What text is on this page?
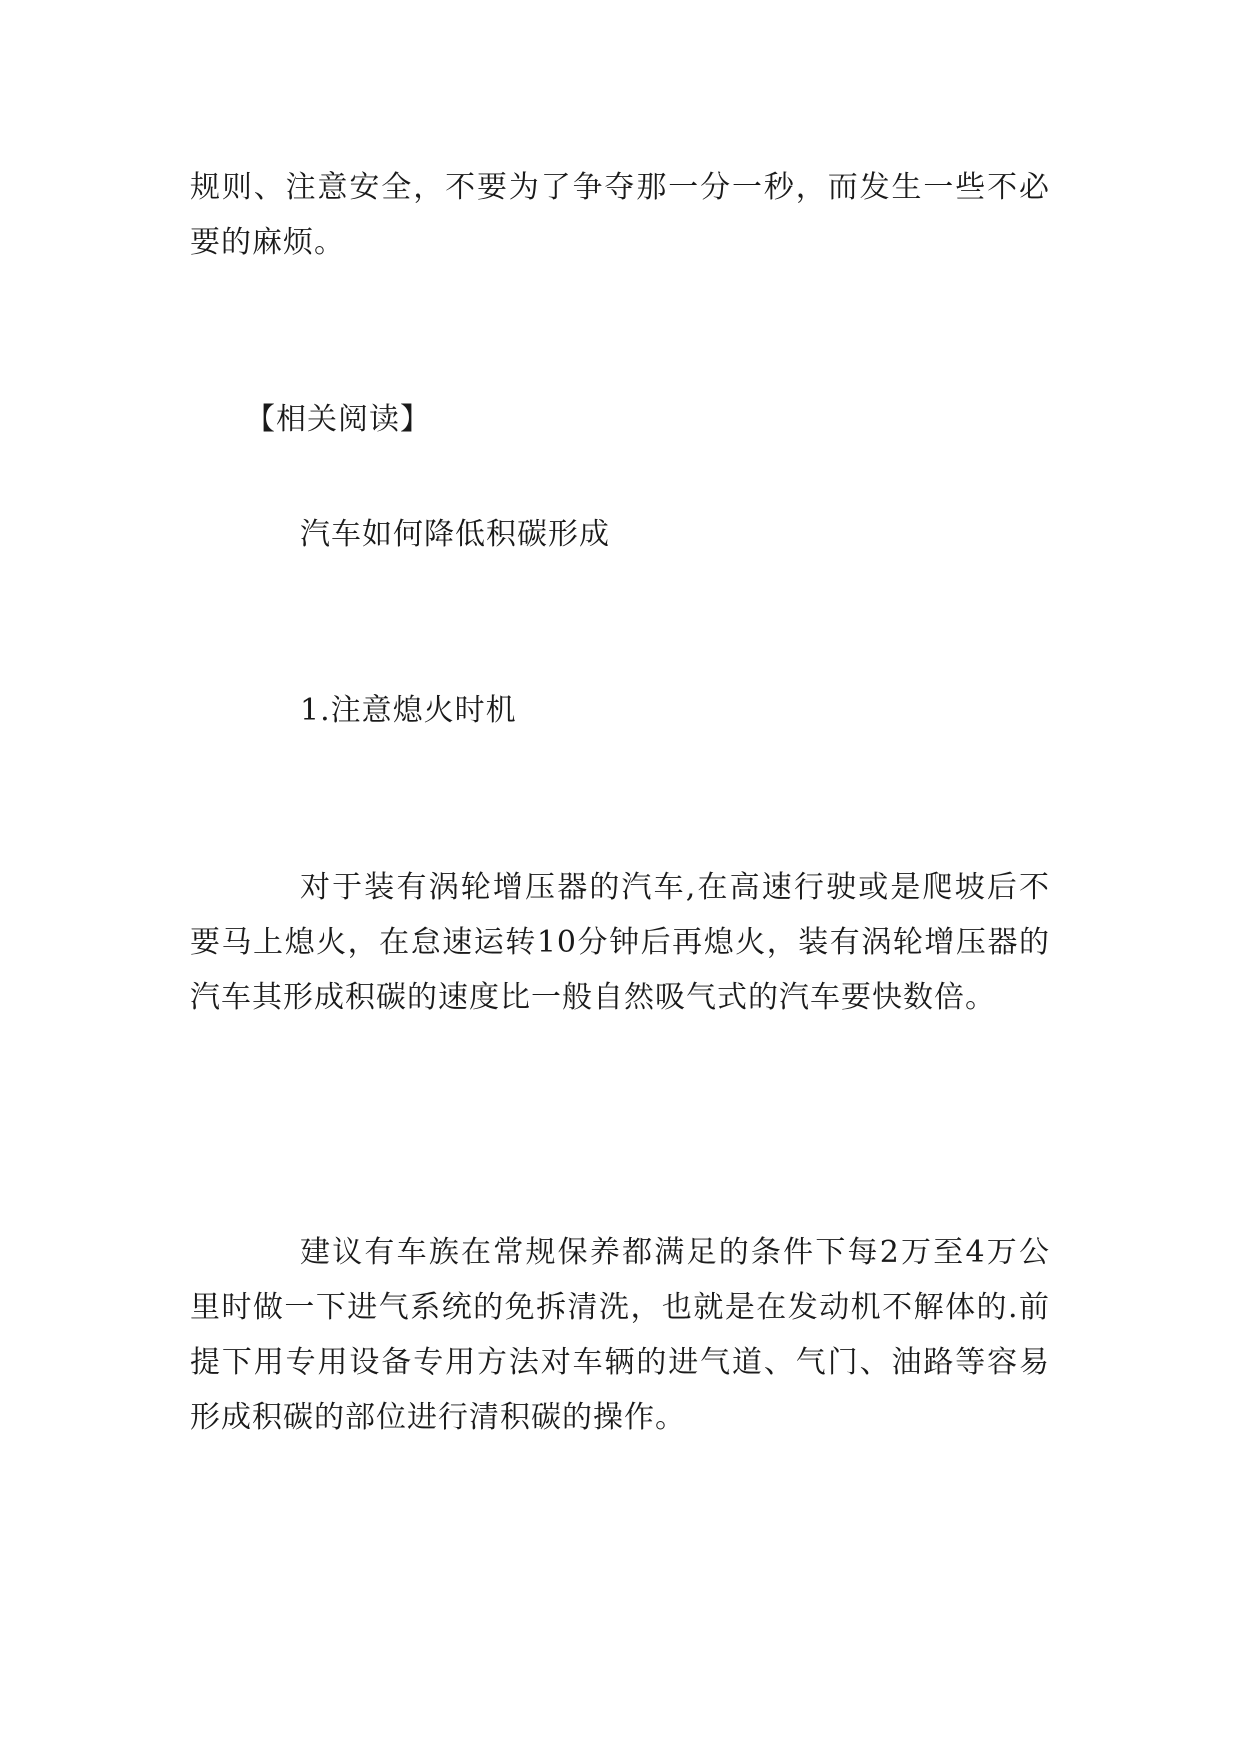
规则、注意安全，不要为了争夺那一分一秒，而发生一些不必要的麻烦。

【相关阅读】

汽车如何降低积碳形成

1.注意熄火时机

对于装有涡轮增压器的汽车,在高速行驶或是爬坡后不要马上熄火，在怠速运转10分钟后再熄火，装有涡轮增压器的汽车其形成积碳的速度比一般自然吸气式的汽车要快数倍。

建议有车族在常规保养都满足的条件下每2万至4万公里时做一下进气系统的免拆清洗，也就是在发动机不解体的.前提下用专用设备专用方法对车辆的进气道、气门、油路等容易形成积碳的部位进行清积碳的操作。
